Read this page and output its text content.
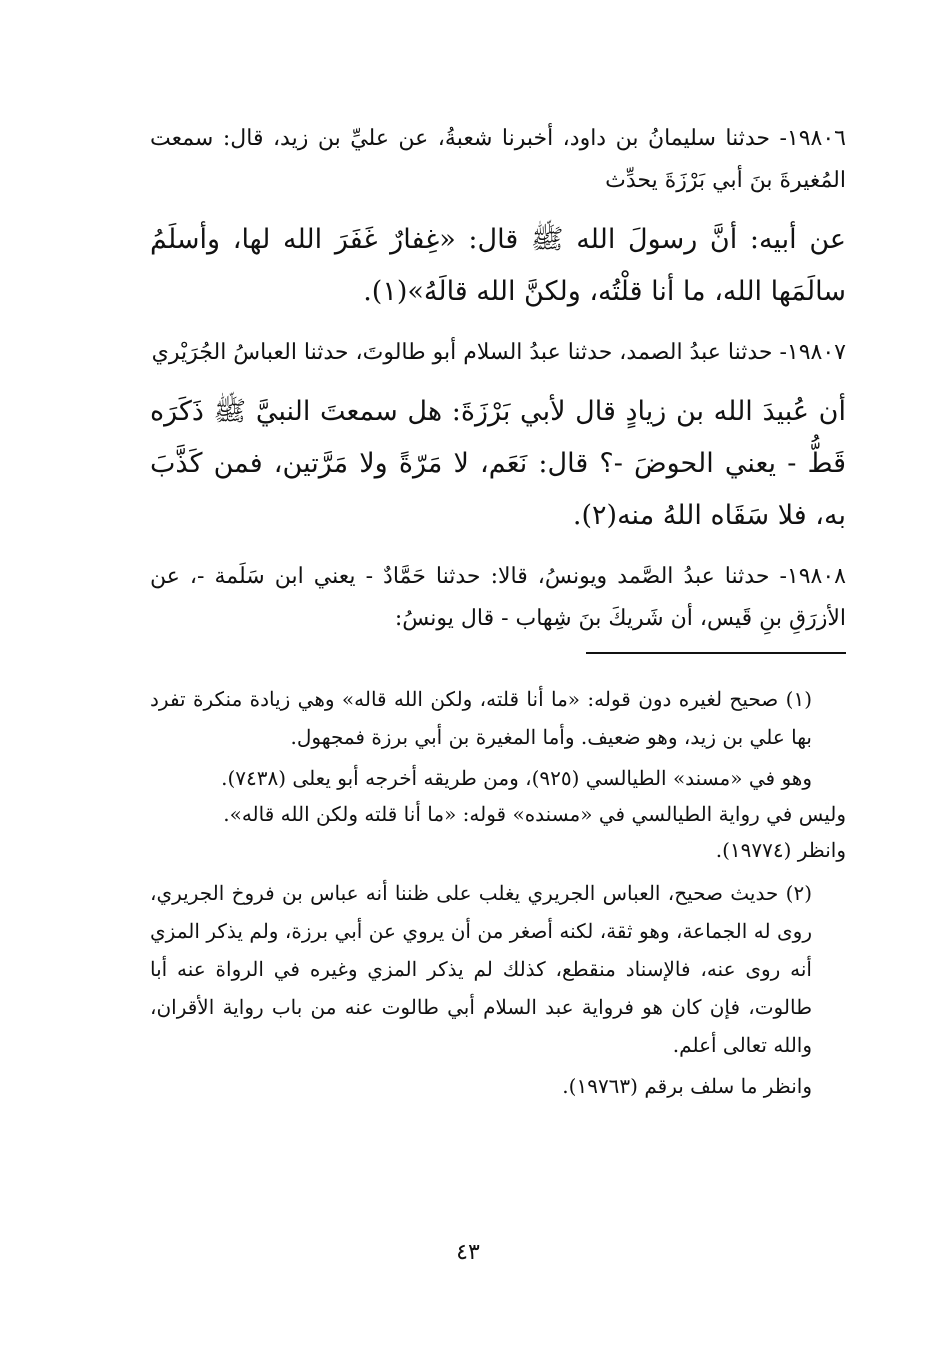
١٩٨٠٦- حدثنا سليمانُ بن داود، أخبرنا شعبةُ، عن عليِّ بن زيد، قال: سمعت المُغيرةَ بنَ أبي بَرْزَةَ يحدِّث

عن أبيه: أنَّ رسولَ الله ﷺ قال: «غِفارٌ غَفَرَ الله لها، وأسلَمُ سالَمَها الله، ما أنا قلْتُه، ولكنَّ الله قالَهُ»(١).

١٩٨٠٧- حدثنا عبدُ الصمد، حدثنا عبدُ السلام أبو طالوتَ، حدثنا العباسُ الجُرَيْري

أن عُبيدَ الله بن زيادٍ قال لأبي بَرْزَةَ: هل سمعتَ النبيَّ ﷺ ذَكَرَه قَطُّ - يعني الحوضَ -؟ قال: نَعَم، لا مَرّةً ولا مَرَّتين، فمن كَذَّبَ به، فلا سَقَاه اللهُ منه(٢).

١٩٨٠٨- حدثنا عبدُ الصَّمد ويونسُ، قالا: حدثنا حَمَّادٌ - يعني ابن سَلَمة -، عن الأزرَقِ بنِ قَيس، أن شَريكَ بنَ شِهاب - قال يونسُ:

(١) صحيح لغيره دون قوله: «ما أنا قلته، ولكن الله قاله» وهي زيادة منكرة تفرد بها علي بن زيد، وهو ضعيف. وأما المغيرة بن أبي برزة فمجهول.

وهو في «مسند» الطيالسي (٩٢٥)، ومن طريقه أخرجه أبو يعلى (٧٤٣٨).

وليس في رواية الطيالسي في «مسنده» قوله: «ما أنا قلته ولكن الله قاله».

وانظر (١٩٧٧٤).

(٢) حديث صحيح، العباس الجريري يغلب على ظننا أنه عباس بن فروخ الجريري، روى له الجماعة، وهو ثقة، لكنه أصغر من أن يروي عن أبي برزة، ولم يذكر المزي أنه روى عنه، فالإسناد منقطع، كذلك لم يذكر المزي وغيره في الرواة عنه أبا طالوت، فإن كان هو فرواية عبد السلام أبي طالوت عنه من باب رواية الأقران، والله تعالى أعلم.

وانظر ما سلف برقم (١٩٧٦٣).

٤٣
